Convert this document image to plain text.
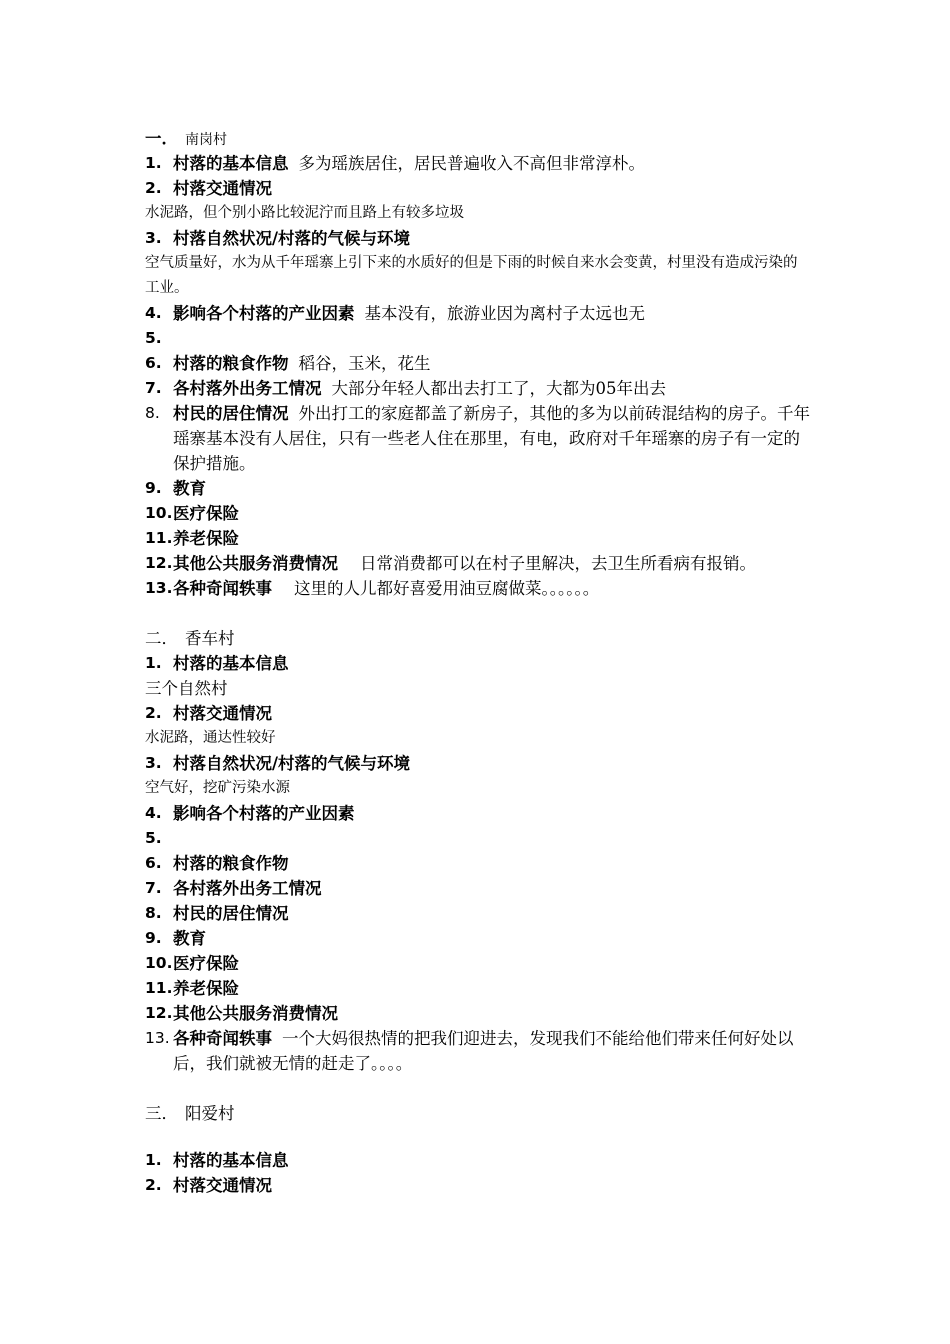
一． 南岗村
1. 村落的基本信息 多为瑶族居住，居民普遍收入不高但非常淳朴。
2. 村落交通情况
水泥路，但个别小路比较泥泞而且路上有较多垃圾
3. 村落自然状况/村落的气候与环境
空气质量好，水为从千年瑶寨上引下来的水质好的但是下雨的时候自来水会变黄，村里没有造成污染的工业。
4. 影响各个村落的产业因素 基本没有，旅游业因为离村子太远也无
5.
6. 村落的粮食作物 稻谷，玉米，花生
7. 各村落外出务工情况 大部分年轻人都出去打工了，大都为05年出去
8. 村民的居住情况 外出打工的家庭都盖了新房子，其他的多为以前砖混结构的房子。千年瑶寨基本没有人居住，只有一些老人住在那里，有电，政府对千年瑶寨的房子有一定的保护措施。
9. 教育
10. 医疗保险
11. 养老保险
12. 其他公共服务消费情况 日常消费都可以在村子里解决，去卫生所看病有报销。
13. 各种奇闻轶事 这里的人儿都好喜爱用油豆腐做菜。。。。。。
二． 香车村
1. 村落的基本信息
三个自然村
2. 村落交通情况
水泥路，通达性较好
3. 村落自然状况/村落的气候与环境
空气好，挖矿污染水源
4. 影响各个村落的产业因素
5.
6. 村落的粮食作物
7. 各村落外出务工情况
8. 村民的居住情况
9. 教育
10. 医疗保险
11. 养老保险
12. 其他公共服务消费情况
13. 各种奇闻轶事 一个大妈很热情的把我们迎进去，发现我们不能给他们带来任何好处以后，我们就被无情的赶走了。。。。
三． 阳爱村
1. 村落的基本信息
2. 村落交通情况
